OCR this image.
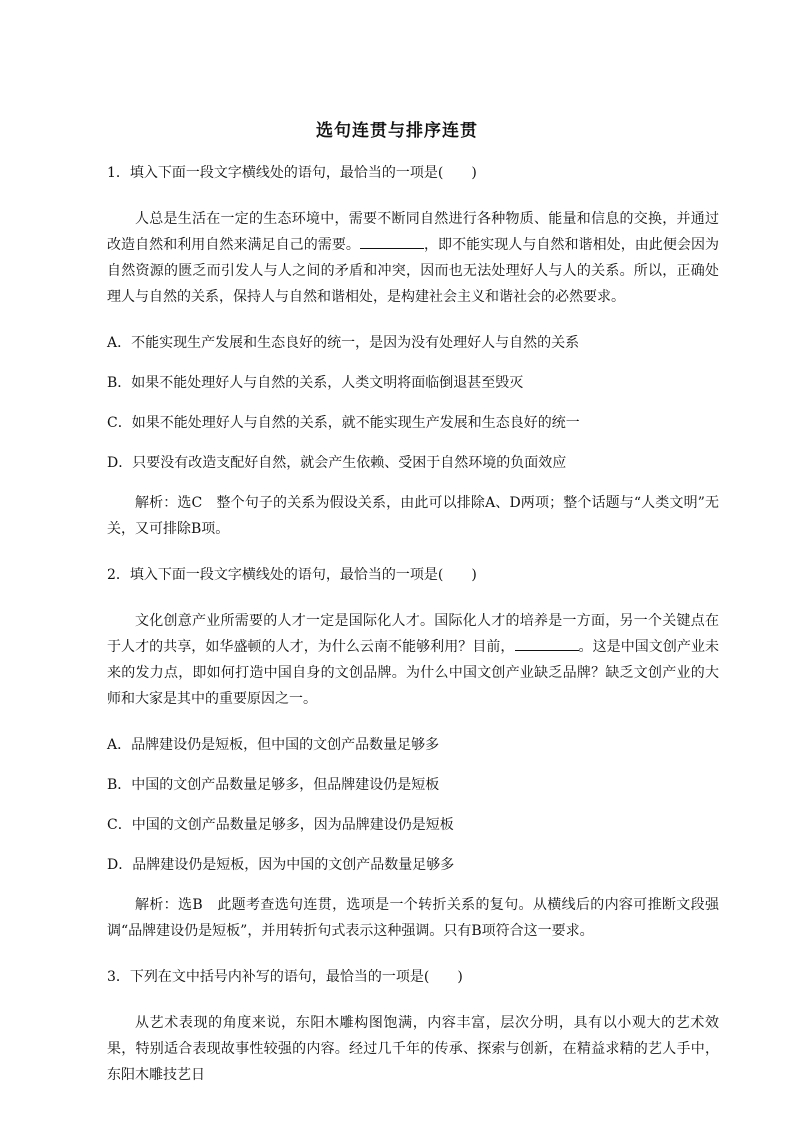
选句连贯与排序连贯
1．填入下面一段文字横线处的语句，最恰当的一项是(　　)
人总是生活在一定的生态环境中，需要不断同自然进行各种物质、能量和信息的交换，并通过改造自然和利用自然来满足自己的需要。	，即不能实现人与自然和谐相处，由此便会因为自然资源的匮乏而引发人与人之间的矛盾和冲突，因而也无法处理好人与人的关系。所以，正确处理人与自然的关系，保持人与自然和谐相处，是构建社会主义和谐社会的必然要求。
A．不能实现生产发展和生态良好的统一，是因为没有处理好人与自然的关系
B．如果不能处理好人与自然的关系，人类文明将面临倒退甚至毁灭
C．如果不能处理好人与自然的关系，就不能实现生产发展和生态良好的统一
D．只要没有改造支配好自然，就会产生依赖、受困于自然环境的负面效应
解析：选C　整个句子的关系为假设关系，由此可以排除A、D两项；整个话题与“人类文明”无关，又可排除B项。
2．填入下面一段文字横线处的语句，最恰当的一项是(　　)
文化创意产业所需要的人才一定是国际化人才。国际化人才的培养是一方面，另一个关键点在于人才的共享，如华盛顿的人才，为什么云南不能够利用？目前，	。这是中国文创产业未来的发力点，即如何打造中国自身的文创品牌。为什么中国文创产业缺乏品牌？缺乏文创产业的大师和大家是其中的重要原因之一。
A．品牌建设仍是短板，但中国的文创产品数量足够多
B．中国的文创产品数量足够多，但品牌建设仍是短板
C．中国的文创产品数量足够多，因为品牌建设仍是短板
D．品牌建设仍是短板，因为中国的文创产品数量足够多
解析：选B　此题考查选句连贯，选项是一个转折关系的复句。从横线后的内容可推断文段强调“品牌建设仍是短板”，并用转折句式表示这种强调。只有B项符合这一要求。
3．下列在文中括号内补写的语句，最恰当的一项是(　　)
从艺术表现的角度来说，东阳木雕构图饱满，内容丰富，层次分明，具有以小观大的艺术效果，特别适合表现故事性较强的内容。经过几千年的传承、探索与创新，在精益求精的艺人手中，东阳木雕技艺日
